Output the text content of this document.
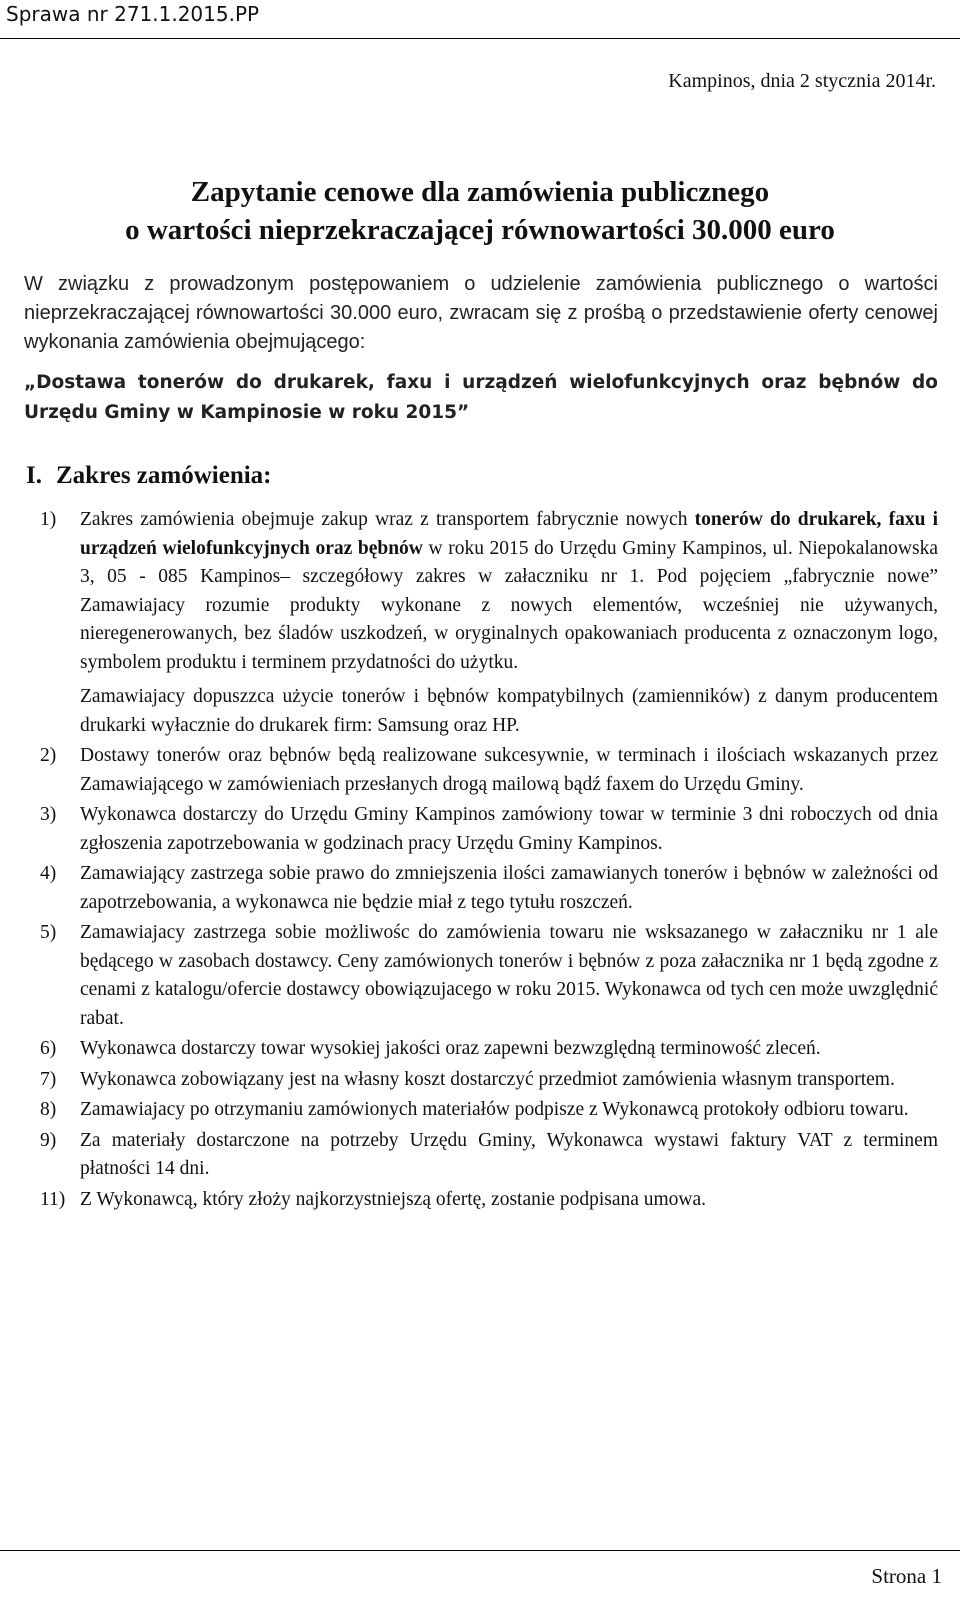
Sprawa nr 271.1.2015.PP
Kampinos, dnia 2 stycznia 2014r.
Zapytanie cenowe dla zamówienia publicznego
o wartości nieprzekraczającej równowartości 30.000 euro

W związku z prowadzonym postępowaniem o udzielenie zamówienia publicznego o wartości nieprzekraczającej równowartości 30.000 euro, zwracam się z prośbą o przedstawienie oferty cenowej wykonania zamówienia obejmującego:

„Dostawa tonerów do drukarek, faxu i urządzeń wielofunkcyjnych oraz bębnów do Urzędu Gminy w Kampinosie w roku 2015”

I. Zakres zamówienia:
1)	Zakres zamówienia obejmuje zakup wraz z transportem fabrycznie nowych tonerów do drukarek, faxu i urządzeń wielofunkcyjnych oraz bębnów w roku 2015 do Urzędu Gminy Kampinos, ul. Niepokalanowska 3, 05 - 085 Kampinos– szczegółowy zakres w załaczniku nr 1. Pod pojęciem „fabrycznie nowe” Zamawiajacy rozumie produkty wykonane z nowych elementów, wcześniej nie używanych, nieregenerowanych, bez śladów uszkodzeń, w oryginalnych opakowaniach producenta z oznaczonym logo, symbolem produktu i terminem przydatności do użytku.
Zamawiajacy dopuszzca użycie tonerów i bębnów kompatybilnych (zamienników) z danym producentem drukarki wyłacznie do drukarek firm: Samsung oraz HP.
2)	Dostawy tonerów oraz bębnów będą realizowane sukcesywnie, w terminach i ilościach wskazanych przez Zamawiającego w zamówieniach przesłanych drogą mailową bądź faxem do Urzędu Gminy.
3)	Wykonawca dostarczy do Urzędu Gminy Kampinos zamówiony towar w terminie 3 dni roboczych od dnia zgłoszenia zapotrzebowania w godzinach pracy Urzędu Gminy Kampinos.
4)	Zamawiający zastrzega sobie prawo do zmniejszenia ilości zamawianych tonerów i bębnów w zależności od zapotrzebowania, a wykonawca nie będzie miał z tego tytułu roszczeń.
5)	Zamawiajacy zastrzega sobie możliwośc do zamówienia towaru nie wsksazanego w załaczniku nr 1 ale będącego w zasobach dostawcy. Ceny zamówionych tonerów i bębnów z poza załacznika nr 1 będą zgodne z cenami z katalogu/ofercie dostawcy obowiązujacego w roku 2015. Wykonawca od tych cen może uwzględnić rabat.
6)	Wykonawca dostarczy towar wysokiej jakości oraz zapewni bezwzględną terminowość zleceń.
7)	Wykonawca zobowiązany jest na własny koszt dostarczyć przedmiot zamówienia własnym transportem.
8)	Zamawiajacy po otrzymaniu zamówionych materiałów podpisze z Wykonawcą protokoły odbioru towaru.
9)	Za materiały dostarczone na potrzeby Urzędu Gminy, Wykonawca wystawi faktury VAT z terminem płatności 14 dni.
11) Z Wykonawcą, który złoży najkorzystniejszą ofertę, zostanie podpisana umowa.
Strona 1
